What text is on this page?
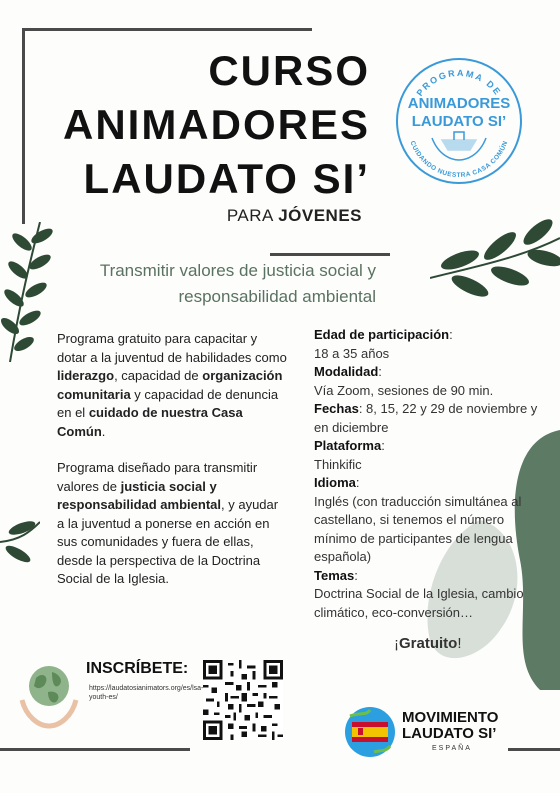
CURSO
ANIMADORES
LAUDATO SI’
PARA JÓVENES
PROGRAMA DE
ANIMADORES
LAUDATO SI’
CUIDANDO NUESTRA CASA COMÚN
Transmitir valores de justicia social y
responsabilidad ambiental

Programa gratuito para capacitar y dotar a la juventud de habilidades como liderazgo, capacidad de organización comunitaria y capacidad de denuncia en el cuidado de nuestra Casa Común.

Programa diseñado para transmitir valores de justicia social y responsabilidad ambiental, y ayudar a la juventud a ponerse en acción en sus comunidades y fuera de ellas, desde la perspectiva de la Doctrina Social de la Iglesia.

Edad de participación:
18 a 35 años
Modalidad:
Vía Zoom, sesiones de 90 min.
Fechas: 8, 15, 22 y 29 de noviembre y en diciembre
Plataforma:
Thinkific
Idioma:
Inglés (con traducción simultánea al castellano, si tenemos el número mínimo de participantes de lengua española)
Temas:
Doctrina Social de la Iglesia, cambio climático, eco-conversión…
¡Gratuito!
INSCRÍBETE:
https://laudatosianimators.org/es/lsa-youth-es/
MOVIMIENTO
LAUDATO SI’
ESPAÑA
